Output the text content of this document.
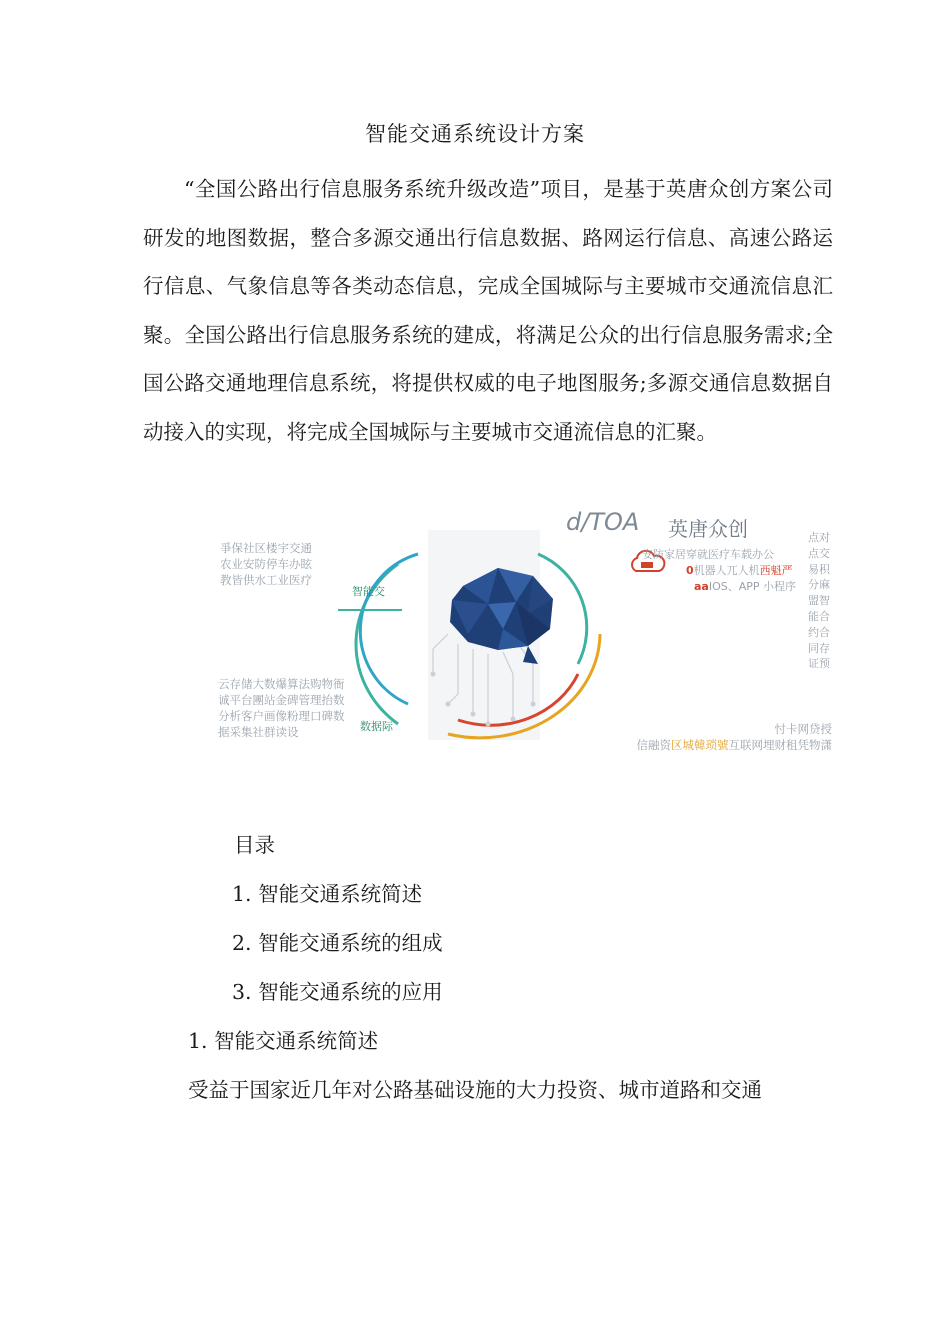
智能交通系统设计方案

“全国公路出行信息服务系统升级改造”项目，是基于英唐众创方案公司研发的地图数据，整合多源交通出行信息数据、路网运行信息、高速公路运行信息、气象信息等各类动态信息，完成全国城际与主要城市交通流信息汇聚。全国公路出行信息服务系统的建成，将满足公众的出行信息服务需求;全国公路交通地理信息系统，将提供权威的电子地图服务;多源交通信息数据自动接入的实现，将完成全国城际与主要城市交通流信息的汇聚。

爭保社区楼宇交通农业安防停车办眩教皆供水工业医疗
云存储大数爆算法购物衙诚平台團站金碑管理抬数分析客户画像粉理口碑数据采集社群读设
智能交
数据际
d/TOA 英唐众创
安防家居穿就医疗车载办公
0机器人兀人机西魁严
aaIOS、APP 小程序
点对点交易积分麻盟智能合约合同存证预
忖卡网贷授
信融资区城韓琐號互联网埋财租凭物潇
目录
1. 智能交通系统简述
2. 智能交通系统的组成
3. 智能交通系统的应用
1. 智能交通系统简述
受益于国家近几年对公路基础设施的大力投资、城市道路和交通
